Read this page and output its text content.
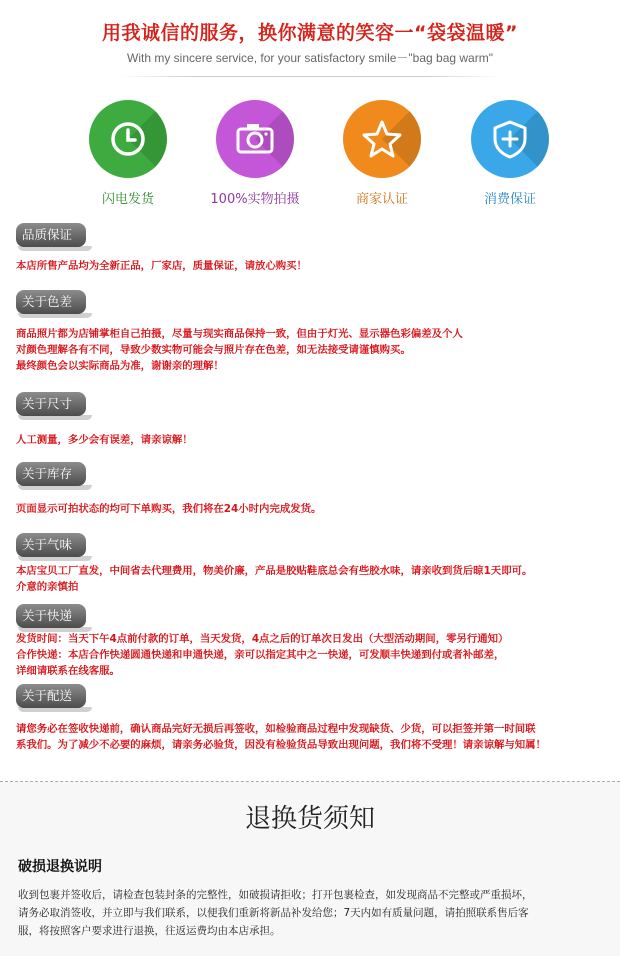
用我诚信的服务，换你满意的笑容一“袋袋温暖”
With my sincere service, for your satisfactory smile－"bag bag warm"
闪电发货	100%实物拍摄	商家认证	消费保证
品质保证
本店所售产品均为全新正品，厂家店，质量保证，请放心购买！
关于色差
商品照片都为店铺掌柜自己拍摄，尽量与现实商品保持一致，但由于灯光、显示器色彩偏差及个人
对颜色理解各有不同，导致少数实物可能会与照片存在色差，如无法接受请谨慎购买。
最终颜色会以实际商品为准，谢谢亲的理解！
关于尺寸
人工测量，多少会有误差，请亲谅解！
关于库存
页面显示可拍状态的均可下单购买，我们将在24小时内完成发货。
关于气味
本店宝贝工厂直发，中间省去代理费用，物美价廉，产品是胶贴鞋底总会有些胶水味，请亲收到货后晾1天即可。
介意的亲慎拍
关于快递
发货时间：当天下午4点前付款的订单，当天发货，4点之后的订单次日发出（大型活动期间，零另行通知）
合作快递：本店合作快递圆通快递和申通快递，亲可以指定其中之一快递，可发顺丰快递到付或者补邮差，
详细请联系在线客服。
关于配送
请您务必在签收快递前，确认商品完好无损后再签收，如检验商品过程中发现缺货、少货，可以拒签并第一时间联
系我们。为了减少不必要的麻烦，请亲务必验货，因没有检验货品导致出现问题，我们将不受理！请亲谅解与知属！
退换货须知
破损退换说明
收到包裹并签收后，请检查包装封条的完整性，如破损请拒收；打开包裹检查，如发现商品不完整或严重损坏，
请务必取消签收，并立即与我们联系，以便我们重新将新品补发给您；7天内如有质量问题，请拍照联系售后客
服，将按照客户要求进行退换，往返运费均由本店承担。
